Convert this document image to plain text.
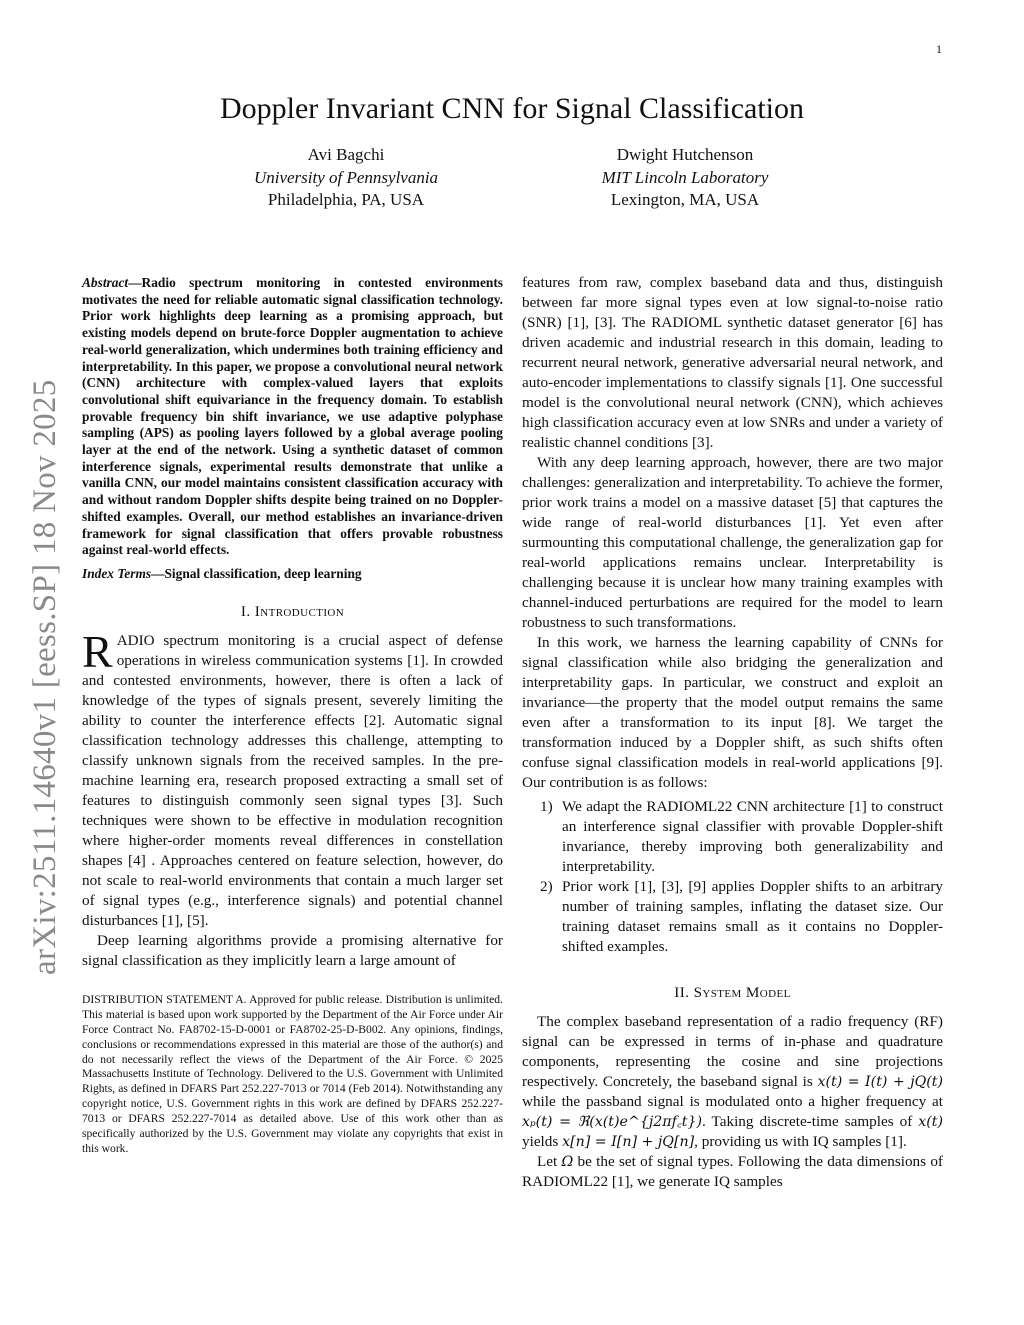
1
arXiv:2511.14640v1 [eess.SP] 18 Nov 2025
Doppler Invariant CNN for Signal Classification
Avi Bagchi
University of Pennsylvania
Philadelphia, PA, USA
Dwight Hutchenson
MIT Lincoln Laboratory
Lexington, MA, USA

Abstract—Radio spectrum monitoring in contested environments motivates the need for reliable automatic signal classification technology. Prior work highlights deep learning as a promising approach, but existing models depend on brute-force Doppler augmentation to achieve real-world generalization, which undermines both training efficiency and interpretability. In this paper, we propose a convolutional neural network (CNN) architecture with complex-valued layers that exploits convolutional shift equivariance in the frequency domain. To establish provable frequency bin shift invariance, we use adaptive polyphase sampling (APS) as pooling layers followed by a global average pooling layer at the end of the network. Using a synthetic dataset of common interference signals, experimental results demonstrate that unlike a vanilla CNN, our model maintains consistent classification accuracy with and without random Doppler shifts despite being trained on no Doppler-shifted examples. Overall, our method establishes an invariance-driven framework for signal classification that offers provable robustness against real-world effects.

Index Terms—Signal classification, deep learning

I. Introduction

RADIO spectrum monitoring is a crucial aspect of defense operations in wireless communication systems [1]. In crowded and contested environments, however, there is often a lack of knowledge of the types of signals present, severely limiting the ability to counter the interference effects [2]. Automatic signal classification technology addresses this challenge, attempting to classify unknown signals from the received samples. In the pre-machine learning era, research proposed extracting a small set of features to distinguish commonly seen signal types [3]. Such techniques were shown to be effective in modulation recognition where higher-order moments reveal differences in constellation shapes [4] . Approaches centered on feature selection, however, do not scale to real-world environments that contain a much larger set of signal types (e.g., interference signals) and potential channel disturbances [1], [5].

Deep learning algorithms provide a promising alternative for signal classification as they implicitly learn a large amount of

DISTRIBUTION STATEMENT A. Approved for public release. Distribution is unlimited. This material is based upon work supported by the Department of the Air Force under Air Force Contract No. FA8702-15-D-0001 or FA8702-25-D-B002. Any opinions, findings, conclusions or recommendations expressed in this material are those of the author(s) and do not necessarily reflect the views of the Department of the Air Force. © 2025 Massachusetts Institute of Technology. Delivered to the U.S. Government with Unlimited Rights, as defined in DFARS Part 252.227-7013 or 7014 (Feb 2014). Notwithstanding any copyright notice, U.S. Government rights in this work are defined by DFARS 252.227-7013 or DFARS 252.227-7014 as detailed above. Use of this work other than as specifically authorized by the U.S. Government may violate any copyrights that exist in this work.

features from raw, complex baseband data and thus, distinguish between far more signal types even at low signal-to-noise ratio (SNR) [1], [3]. The RADIOML synthetic dataset generator [6] has driven academic and industrial research in this domain, leading to recurrent neural network, generative adversarial neural network, and auto-encoder implementations to classify signals [1]. One successful model is the convolutional neural network (CNN), which achieves high classification accuracy even at low SNRs and under a variety of realistic channel conditions [3].

With any deep learning approach, however, there are two major challenges: generalization and interpretability. To achieve the former, prior work trains a model on a massive dataset [5] that captures the wide range of real-world disturbances [1]. Yet even after surmounting this computational challenge, the generalization gap for real-world applications remains unclear. Interpretability is challenging because it is unclear how many training examples with channel-induced perturbations are required for the model to learn robustness to such transformations.

In this work, we harness the learning capability of CNNs for signal classification while also bridging the generalization and interpretability gaps. In particular, we construct and exploit an invariance—the property that the model output remains the same even after a transformation to its input [8]. We target the transformation induced by a Doppler shift, as such shifts often confuse signal classification models in real-world applications [9]. Our contribution is as follows:

1) We adapt the RADIOML22 CNN architecture [1] to construct an interference signal classifier with provable Doppler-shift invariance, thereby improving both generalizability and interpretability.
2) Prior work [1], [3], [9] applies Doppler shifts to an arbitrary number of training samples, inflating the dataset size. Our training dataset remains small as it contains no Doppler-shifted examples.

II. System Model

The complex baseband representation of a radio frequency (RF) signal can be expressed in terms of in-phase and quadrature components, representing the cosine and sine projections respectively. Concretely, the baseband signal is x(t) = I(t) + jQ(t) while the passband signal is modulated onto a higher frequency at xₚ(t) = ℜ(x(t)e^{j2πf꜀t}). Taking discrete-time samples of x(t) yields x[n] = I[n] + jQ[n], providing us with IQ samples [1].

Let Ω be the set of signal types. Following the data dimensions of RADIOML22 [1], we generate IQ samples
